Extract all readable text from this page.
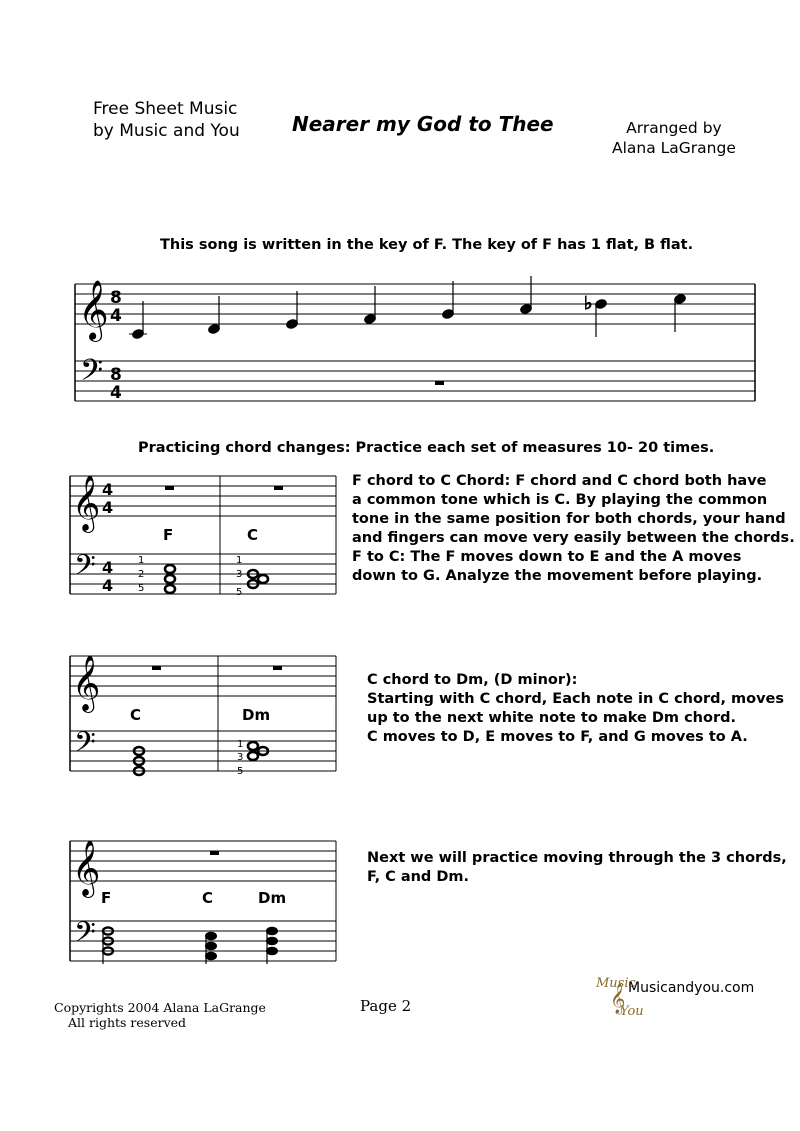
Free Sheet Music
by Music and You	Nearer my God to Thee	Arranged by
Alana LaGrange
This song is written in the key of F. The key of F has 1 flat, B flat.
𝄞 8
4
𝄢 8
4
♭
Practicing chord changes: Practice each set of measures 10- 20 times.
𝄞 4
4
𝄢 4
4
F	C
1
2
5
1
3
5
F chord to C Chord: F chord and C chord both have
a common tone which is C. By playing the common
tone in the same position for both chords, your hand
and fingers can move very easily between the chords.
F to C: The F moves down to E and the A moves
down to G. Analyze the movement before playing.
𝄞
𝄢
C	Dm
1
3
5
C chord to Dm, (D minor):
Starting with C chord, Each note in C chord, moves
up to the next white note to make Dm chord.
C moves to D, E moves to F, and G moves to A.
𝄞
𝄢
F	C	Dm
Next we will practice moving through the 3 chords,
F, C and Dm.
Copyrights 2004 Alana LaGrange
All rights reserved
Page 2
Music
𝄞
You
Musicandyou.com
